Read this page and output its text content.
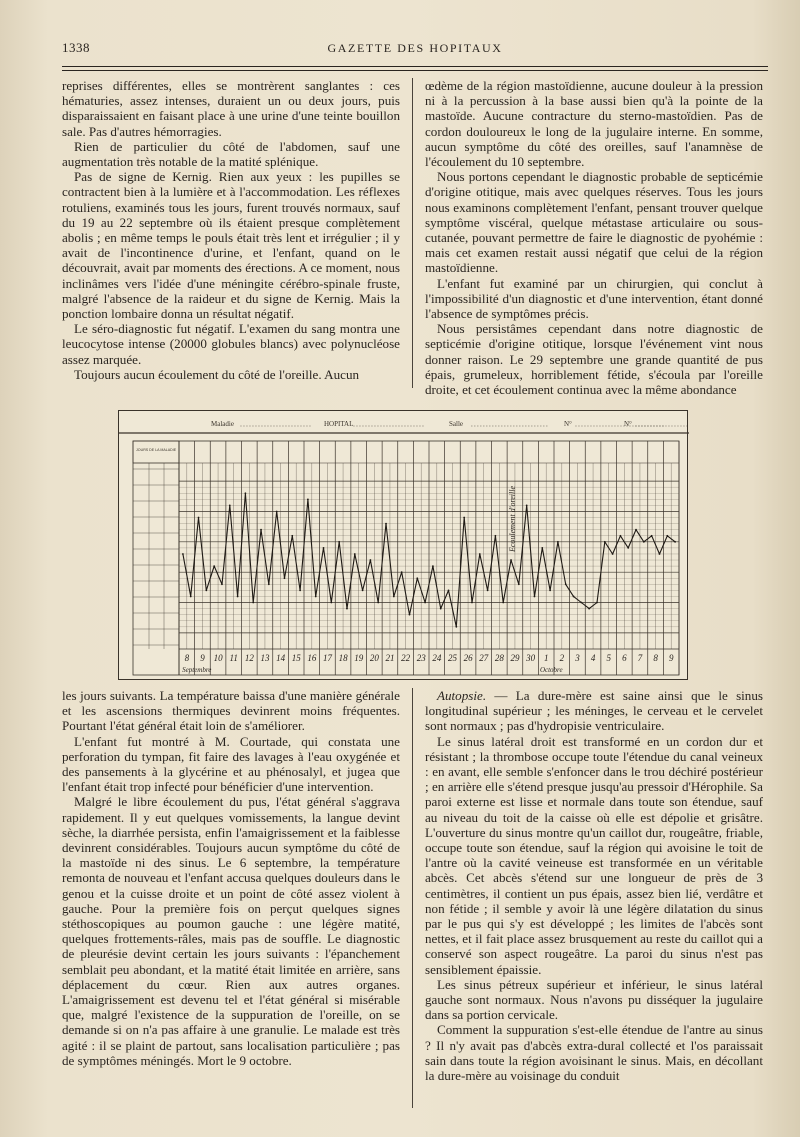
1338	GAZETTE DES HOPITAUX

reprises différentes, elles se montrèrent sanglantes : ces hématuries, assez intenses, duraient un ou deux jours, puis disparaissaient en faisant place à une urine d'une teinte bouillon sale. Pas d'autres hémorragies.

Rien de particulier du côté de l'abdomen, sauf une augmentation très notable de la matité splénique.

Pas de signe de Kernig. Rien aux yeux : les pupilles se contractent bien à la lumière et à l'accommodation. Les réflexes rotuliens, examinés tous les jours, furent trouvés normaux, sauf du 19 au 22 septembre où ils étaient presque complètement abolis ; en même temps le pouls était très lent et irrégulier ; il y avait de l'incontinence d'urine, et l'enfant, quand on le découvrait, avait par moments des érections. A ce moment, nous inclinâmes vers l'idée d'une méningite cérébro-spinale fruste, malgré l'absence de la raideur et du signe de Kernig. Mais la ponction lombaire donna un résultat négatif.

Le séro-diagnostic fut négatif. L'examen du sang montra une leucocytose intense (20000 globules blancs) avec polynucléose assez marquée.

Toujours aucun écoulement du côté de l'oreille. Aucun

œdème de la région mastoïdienne, aucune douleur à la pression ni à la percussion à la base aussi bien qu'à la pointe de la mastoïde. Aucune contracture du sterno-mastoïdien. Pas de cordon douloureux le long de la jugulaire interne. En somme, aucun symptôme du côté des oreilles, sauf l'anamnèse de l'écoulement du 10 septembre.

Nous portons cependant le diagnostic probable de septicémie d'origine otitique, mais avec quelques réserves. Tous les jours nous examinons complètement l'enfant, pensant trouver quelque symptôme viscéral, quelque métastase articulaire ou sous-cutanée, pouvant permettre de faire le diagnostic de pyohémie : mais cet examen restait aussi négatif que celui de la région mastoïdienne.

L'enfant fut examiné par un chirurgien, qui conclut à l'impossibilité d'un diagnostic et d'une intervention, étant donné l'absence de symptômes précis.

Nous persistâmes cependant dans notre diagnostic de septicémie d'origine otitique, lorsque l'événement vint nous donner raison. Le 29 septembre une grande quantité de pus épais, grumeleux, horriblement fétide, s'écoula par l'oreille droite, et cet écoulement continua avec la même abondance

Maladie	HOPITAL	Salle	N°	N°
JOURS DE LA MALADIE
8 9 10 11 12 13 14 15 16 17 18 19 20 21 22 23 24 25 26 27 28 29 30 1 2 3 4 5 6 7 8 9
Septembre	Octobre
Ecoulement d'oreille

les jours suivants. La température baissa d'une manière générale et les ascensions thermiques devinrent moins fréquentes. Pourtant l'état général était loin de s'améliorer.

L'enfant fut montré à M. Courtade, qui constata une perforation du tympan, fit faire des lavages à l'eau oxygénée et des pansements à la glycérine et au phénosalyl, et jugea que l'enfant était trop infecté pour bénéficier d'une intervention.

Malgré le libre écoulement du pus, l'état général s'aggrava rapidement. Il y eut quelques vomissements, la langue devint sèche, la diarrhée persista, enfin l'amaigrissement et la faiblesse devinrent considérables. Toujours aucun symptôme du côté de la mastoïde ni des sinus. Le 6 septembre, la température remonta de nouveau et l'enfant accusa quelques douleurs dans le genou et la cuisse droite et un point de côté assez violent à gauche. Pour la première fois on perçut quelques signes stéthoscopiques au poumon gauche : une légère matité, quelques frottements-râles, mais pas de souffle. Le diagnostic de pleurésie devint certain les jours suivants : l'épanchement semblait peu abondant, et la matité était limitée en arrière, sans déplacement du cœur. Rien aux autres organes. L'amaigrissement est devenu tel et l'état général si misérable que, malgré l'existence de la suppuration de l'oreille, on se demande si on n'a pas affaire à une granulie. Le malade est très agité : il se plaint de partout, sans localisation particulière ; pas de symptômes méningés. Mort le 9 octobre.

Autopsie. — La dure-mère est saine ainsi que le sinus longitudinal supérieur ; les méninges, le cerveau et le cervelet sont normaux ; pas d'hydropisie ventriculaire.

Le sinus latéral droit est transformé en un cordon dur et résistant ; la thrombose occupe toute l'étendue du canal veineux : en avant, elle semble s'enfoncer dans le trou déchiré postérieur ; en arrière elle s'étend presque jusqu'au pressoir d'Hérophile. Sa paroi externe est lisse et normale dans toute son étendue, sauf au niveau du toit de la caisse où elle est dépolie et grisâtre. L'ouverture du sinus montre qu'un caillot dur, rougeâtre, friable, occupe toute son étendue, sauf la région qui avoisine le toit de l'antre où la cavité veineuse est transformée en un véritable abcès. Cet abcès s'étend sur une longueur de près de 3 centimètres, il contient un pus épais, assez bien lié, verdâtre et non fétide ; il semble y avoir là une légère dilatation du sinus par le pus qui s'y est développé ; les limites de l'abcès sont nettes, et il fait place assez brusquement au reste du caillot qui a conservé son aspect rougeâtre. La paroi du sinus n'est pas sensiblement épaissie.

Les sinus pétreux supérieur et inférieur, le sinus latéral gauche sont normaux. Nous n'avons pu disséquer la jugulaire dans sa portion cervicale.

Comment la suppuration s'est-elle étendue de l'antre au sinus ? Il n'y avait pas d'abcès extra-dural collecté et l'os paraissait sain dans toute la région avoisinant le sinus. Mais, en décollant la dure-mère au voisinage du conduit
